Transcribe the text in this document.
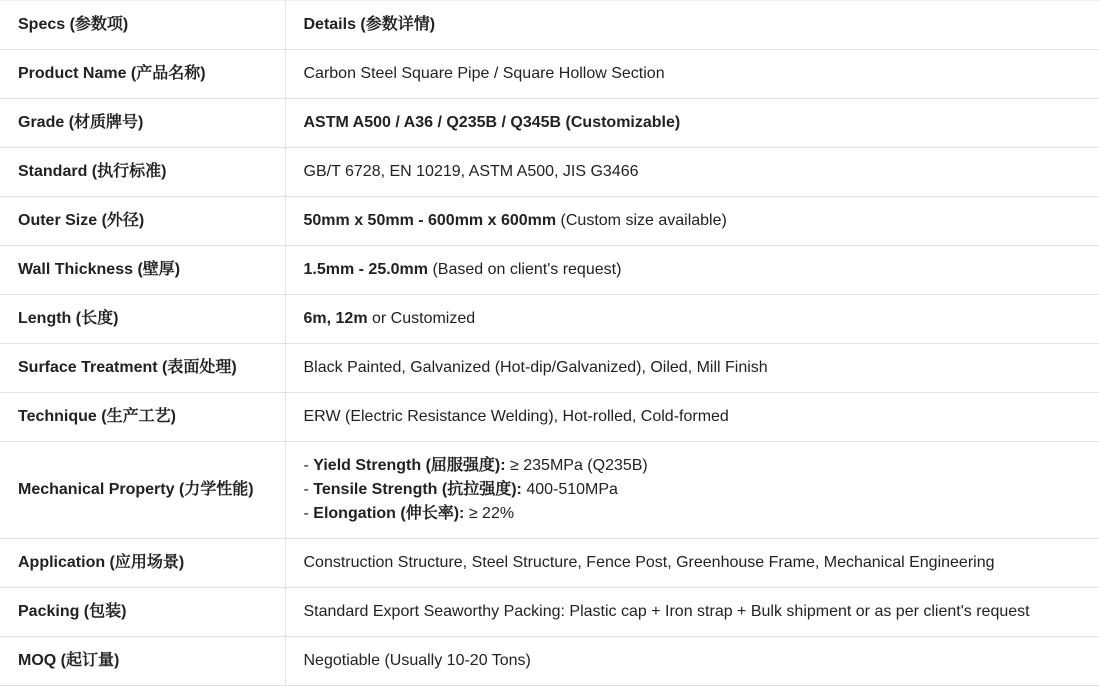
Specs (参数项)	Details (参数详情)
Product Name (产品名称)	Carbon Steel Square Pipe / Square Hollow Section
Grade (材质牌号)	ASTM A500 / A36 / Q235B / Q345B (Customizable)
Standard (执行标准)	GB/T 6728, EN 10219, ASTM A500, JIS G3466
Outer Size (外径)	50mm x 50mm - 600mm x 600mm (Custom size available)
Wall Thickness (壁厚)	1.5mm - 25.0mm (Based on client's request)
Length (长度)	6m, 12m or Customized
Surface Treatment (表面处理)	Black Painted, Galvanized (Hot-dip/Galvanized), Oiled, Mill Finish
Technique (生产工艺)	ERW (Electric Resistance Welding), Hot-rolled, Cold-formed
Mechanical Property (力学性能)	- Yield Strength (屈服强度): ≥ 235MPa (Q235B)
- Tensile Strength (抗拉强度): 400-510MPa
- Elongation (伸长率): ≥ 22%

Application (应用场景)	Construction Structure, Steel Structure, Fence Post, Greenhouse Frame, Mechanical Engineering
Packing (包装)	Standard Export Seaworthy Packing: Plastic cap + Iron strap + Bulk shipment or as per client's request
MOQ (起订量)	Negotiable (Usually 10-20 Tons)
